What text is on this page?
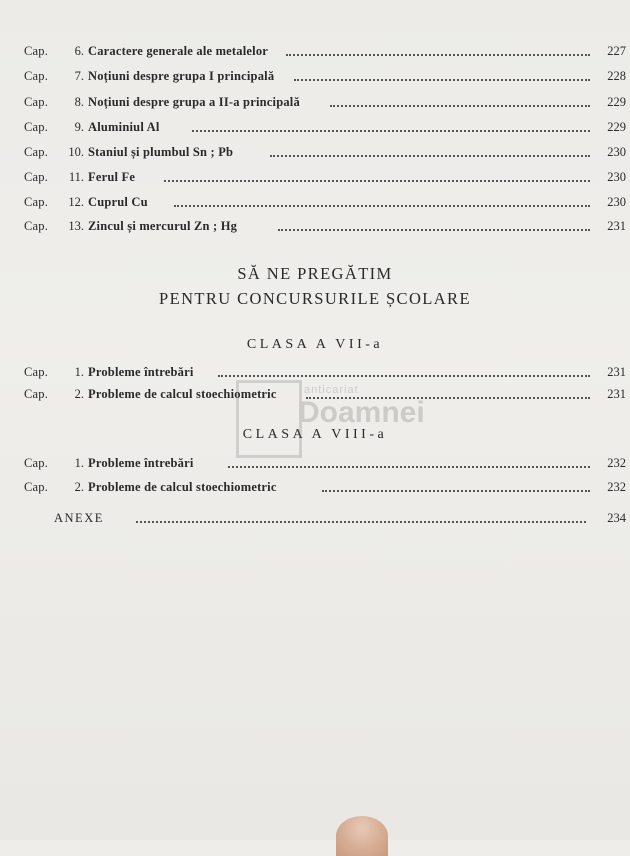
Cap.	6. Caractere generale ale metalelor	227
Cap.	7. Noțiuni despre grupa I principală	228
Cap.	8. Noțiuni despre grupa a II-a principală	229
Cap.	9. Aluminiul Al	229
Cap.	10. Staniul și plumbul Sn ; Pb	230
Cap.	11. Ferul Fe	230
Cap.	12. Cuprul Cu	230
Cap.	13. Zincul și mercurul Zn ; Hg	231
SĂ NE PREGĂTIM
PENTRU CONCURSURILE ȘCOLARE
CLASA A VII-a
Cap.	1. Probleme întrebări	231
Cap.	2. Probleme de calcul stoechiometric	231
CLASA A VIII-a
Cap.	1. Probleme întrebări	232
Cap.	2. Probleme de calcul stoechiometric	232
ANEXE	234
anticariat
Doamnei
